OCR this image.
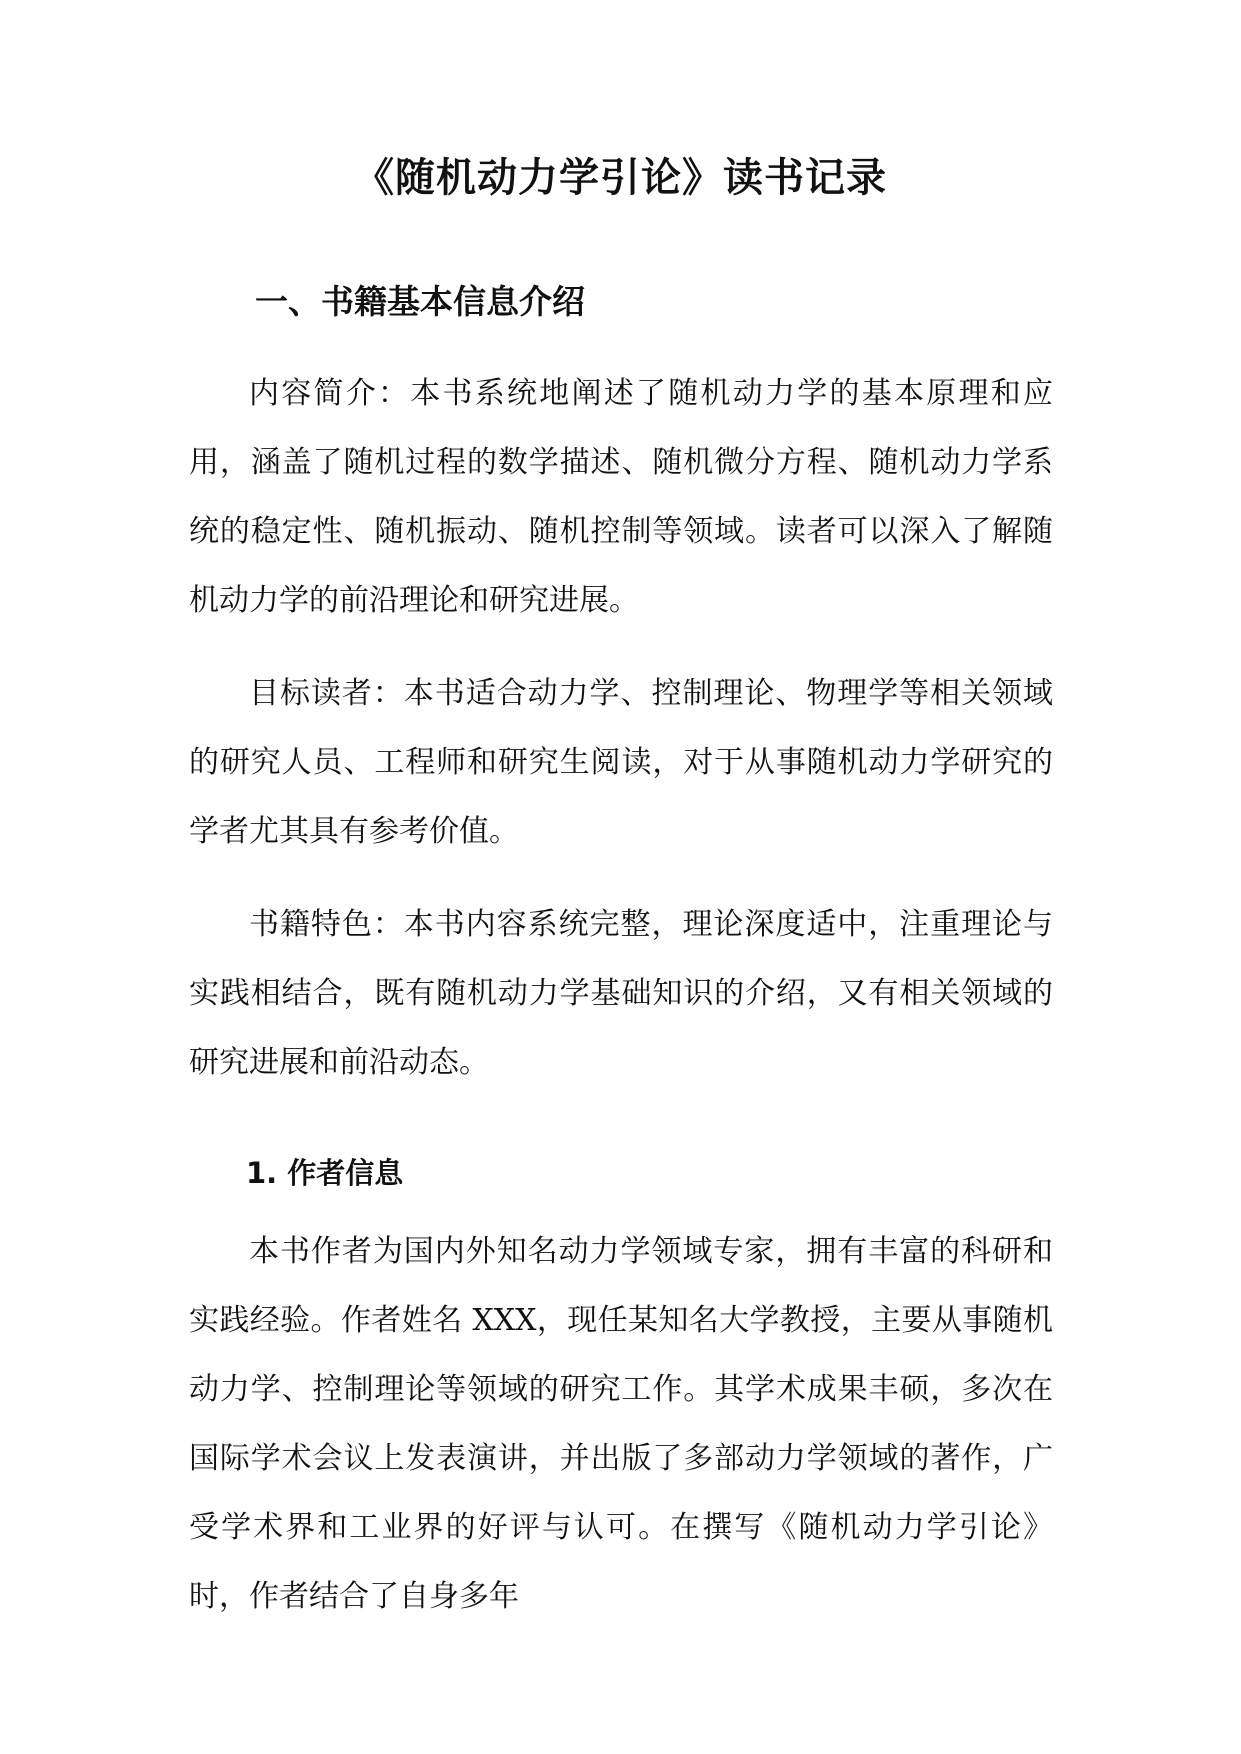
《随机动力学引论》读书记录
一、书籍基本信息介绍

内容简介：本书系统地阐述了随机动力学的基本原理和应用，涵盖了随机过程的数学描述、随机微分方程、随机动力学系统的稳定性、随机振动、随机控制等领域。读者可以深入了解随机动力学的前沿理论和研究进展。

目标读者：本书适合动力学、控制理论、物理学等相关领域的研究人员、工程师和研究生阅读，对于从事随机动力学研究的学者尤其具有参考价值。

书籍特色：本书内容系统完整，理论深度适中，注重理论与实践相结合，既有随机动力学基础知识的介绍，又有相关领域的研究进展和前沿动态。

1. 作者信息

本书作者为国内外知名动力学领域专家，拥有丰富的科研和实践经验。作者姓名 XXX，现任某知名大学教授，主要从事随机动力学、控制理论等领域的研究工作。其学术成果丰硕，多次在国际学术会议上发表演讲，并出版了多部动力学领域的著作，广受学术界和工业界的好评与认可。在撰写《随机动力学引论》时，作者结合了自身多年
